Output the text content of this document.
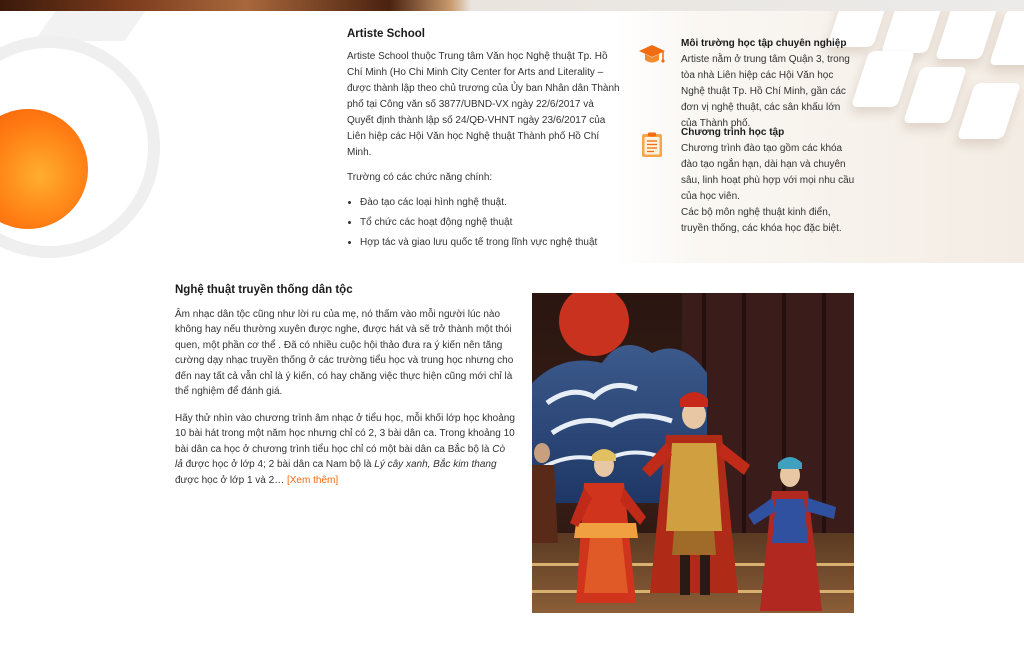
Artiste School

Artiste School thuộc Trung tâm Văn học Nghệ thuật Tp. Hồ Chí Minh (Ho Chi Minh City Center for Arts and Literality – được thành lập theo chủ trương của Ủy ban Nhân dân Thành phố tại Công văn số 3877/UBND-VX ngày 22/6/2017 và Quyết định thành lập số 24/QĐ-VHNT ngày 23/6/2017 của Liên hiệp các Hội Văn học Nghệ thuật Thành phố Hồ Chí Minh.

Trường có các chức năng chính:

• Đào tạo các loại hình nghệ thuật.
• Tổ chức các hoạt động nghệ thuật
• Hợp tác và giao lưu quốc tế trong lĩnh vực nghệ thuật
Môi trường học tập chuyên nghiệp
Artiste nằm ở trung tâm Quận 3, trong tòa nhà Liên hiệp các Hội Văn học Nghệ thuật Tp. Hồ Chí Minh, gần các đơn vị nghệ thuật, các sân khấu lớn của Thành phố.
Chương trình học tập
Chương trình đào tạo gồm các khóa đào tạo ngắn hạn, dài hạn và chuyên sâu, linh hoạt phù hợp với mọi nhu cầu của học viên.
Các bộ môn nghệ thuật kinh điển, truyền thống, các khóa học đặc biệt.
Nghệ thuật truyền thống dân tộc

Âm nhạc dân tộc cũng như lời ru của mẹ, nó thấm vào mỗi người lúc nào không hay nếu thường xuyên được nghe, được hát và sẽ trở thành một thói quen, một phần cơ thể . Đã có nhiều cuộc hội thảo đưa ra ý kiến nên tăng cường dạy nhạc truyền thống ở các trường tiểu học và trung học nhưng cho đến nay tất cả vẫn chỉ là ý kiến, có hay chăng việc thực hiện cũng mới chỉ là thể nghiệm để đánh giá.

Hãy thử nhìn vào chương trình âm nhạc ở tiểu học, mỗi khối lớp học khoảng 10 bài hát trong một năm học nhưng chỉ có 2, 3 bài dân ca. Trong khoảng 10 bài dân ca học ở chương trình tiểu học chỉ có một bài dân ca Bắc bộ là Cò lả được học ở lớp 4; 2 bài dân ca Nam bộ là Lý cây xanh, Bắc kim thang được học ở lớp 1 và 2… [Xem thêm]
